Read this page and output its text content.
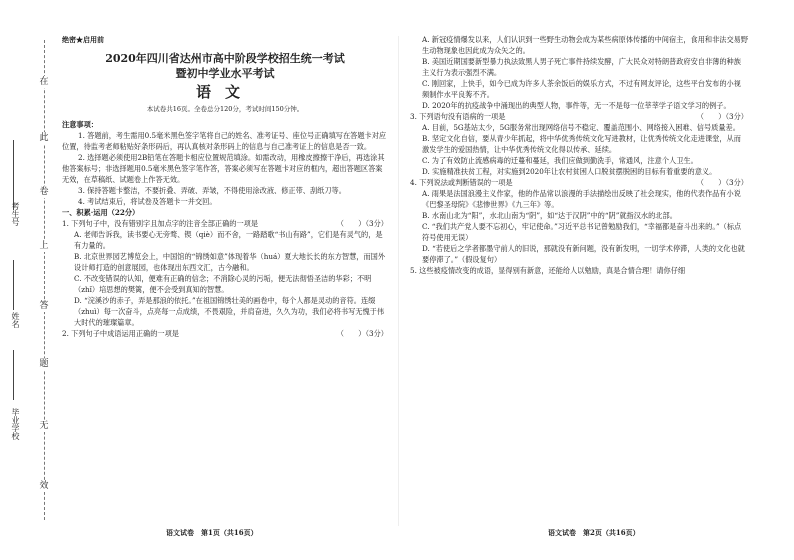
在
此
卷
上
答
题
无
效
考生号
姓名
毕业学校
绝密★启用前
2020年四川省达州市高中阶段学校招生统一考试
暨初中学业水平考试
语文
本试卷共16页。全卷总分120分，考试时间150分钟。
注意事项：
1. 答题前，考生需用0.5毫米黑色签字笔将自己的姓名、准考证号、座位号正确填写在答题卡对应位置，待监考老师粘贴好条形码后，再认真核对条形码上的信息与自己准考证上的信息是否一致。
2. 选择题必须使用2B铅笔在答题卡相应位置规范填涂。如需改动，用橡皮擦擦干净后，再选涂其他答案标号；非选择题用0.5毫米黑色签字笔作答，答案必须写在答题卡对应的框内，超出答题区答案无效，在草稿纸、试题卷上作答无效。
3. 保持答题卡整洁，不要折叠、弄破、弄皱，不得使用涂改液、修正带、刮纸刀等。
4. 考试结束后，将试卷及答题卡一并交回。
一、积累·运用（22分）
1. 下列句子中，没有错别字且加点字的注音全部正确的一项是	（　　）（3分）
A. 老师告诉我，读书要心无旁骛、锲（qiè）而不舍，一路踏歌“书山有路”，它们是有灵气的，是有力量的。
B. 北京世界园艺博览会上，中国馆的“锦绣如意”体现着华（huá）夏大地长长的东方智慧，而国外设计师打造的创意展园，也体现出东西文汇，古今融和。
C. 不改变错误的认知，便难有正确的信念；不消除心灵的污垢，便无法彻悟圣洁的华彩；不明（zhǐ）培思想的樊篱，便不会受到真知的智慧。
D. “浣溪沙的赤子，弄是那浪的依托。”在祖国锦绣壮美的画卷中，每个人都是灵动的音符。连缀（zhuì）每一次奋斗，点亮每一点成绩，不畏艰险，并肩奋进，久久为功，我们必将书写无愧于伟大时代的璀璨篇章。
2. 下列句子中成语运用正确的一项是	（　　）（3分）
语文试卷　第1页（共16页）
A. 新冠疫情爆发以来，人们认识到一些野生动物会成为某些病原体传播的中间宿主，食用和非法交易野生动物现象也因此成为众矢之的。
B. 美国近期国要新型暴力执法致黑人男子死亡事件持续发酵，广大民众对特朗普政府安自非薄的种族主义行为表示强烈不满。
C. 刚回家，上快手，如今已成为许多人茶余饭后的娱乐方式，不过有网友评论，这些平台发布的小视频制作水平良莠不齐。
D. 2020年的抗疫战争中涌现出的典型人物，事件等，无一不是每一位莘莘学子语文学习的例子。
3. 下列语句没有语病的一项是	（　　）（3分）
A. 目前，5G基站太少，5G服务常出现网络信号不稳定、覆盖范围小、网络接入困难、信号质量差。
B. 坚定文化自信，要从青少年抓起，将中华优秀传统文化写进教材，让优秀传统文化走进课堂，从而激发学生的爱国热情，让中华优秀传统文化得以传承、延续。
C. 为了有效防止流感病毒的迁蔓和蔓延，我们应做到勤洗手，常通风，注意个人卫生。
D. 实施精准扶贫工程，对实施到2020年让农村贫困人口脱贫摆脱困的目标有着重要的意义。
4. 下列说法或判断错误的一项是	（　　）（3分）
A. 雨果是法国浪漫主义作家，他的作品常以浪漫的手法描绘出反映了社会现实，他的代表作品有小说《巴黎圣母院》《悲惨世界》《九三年》等。
B. 水南山北为“阳”，水北山南为“阴”，如“达于汉阴”中的“阴”就指汉水的北部。
C. “我们共产党人要不忘初心，牢记使命。”习近平总书记曾勉励我们，“幸福都是奋斗出来的。”（标点符号使用无误）
D. “若使后之学者都墨守前人的旧说，那就没有新问题，没有新发明，一切学术停滞，人类的文化也就要停滞了。”（假设复句）
5. 这些被疫情改变的成语，显得别有新意，还能给人以勉励，真是合情合理！请你仔细
语文试卷　第2页（共16页）
